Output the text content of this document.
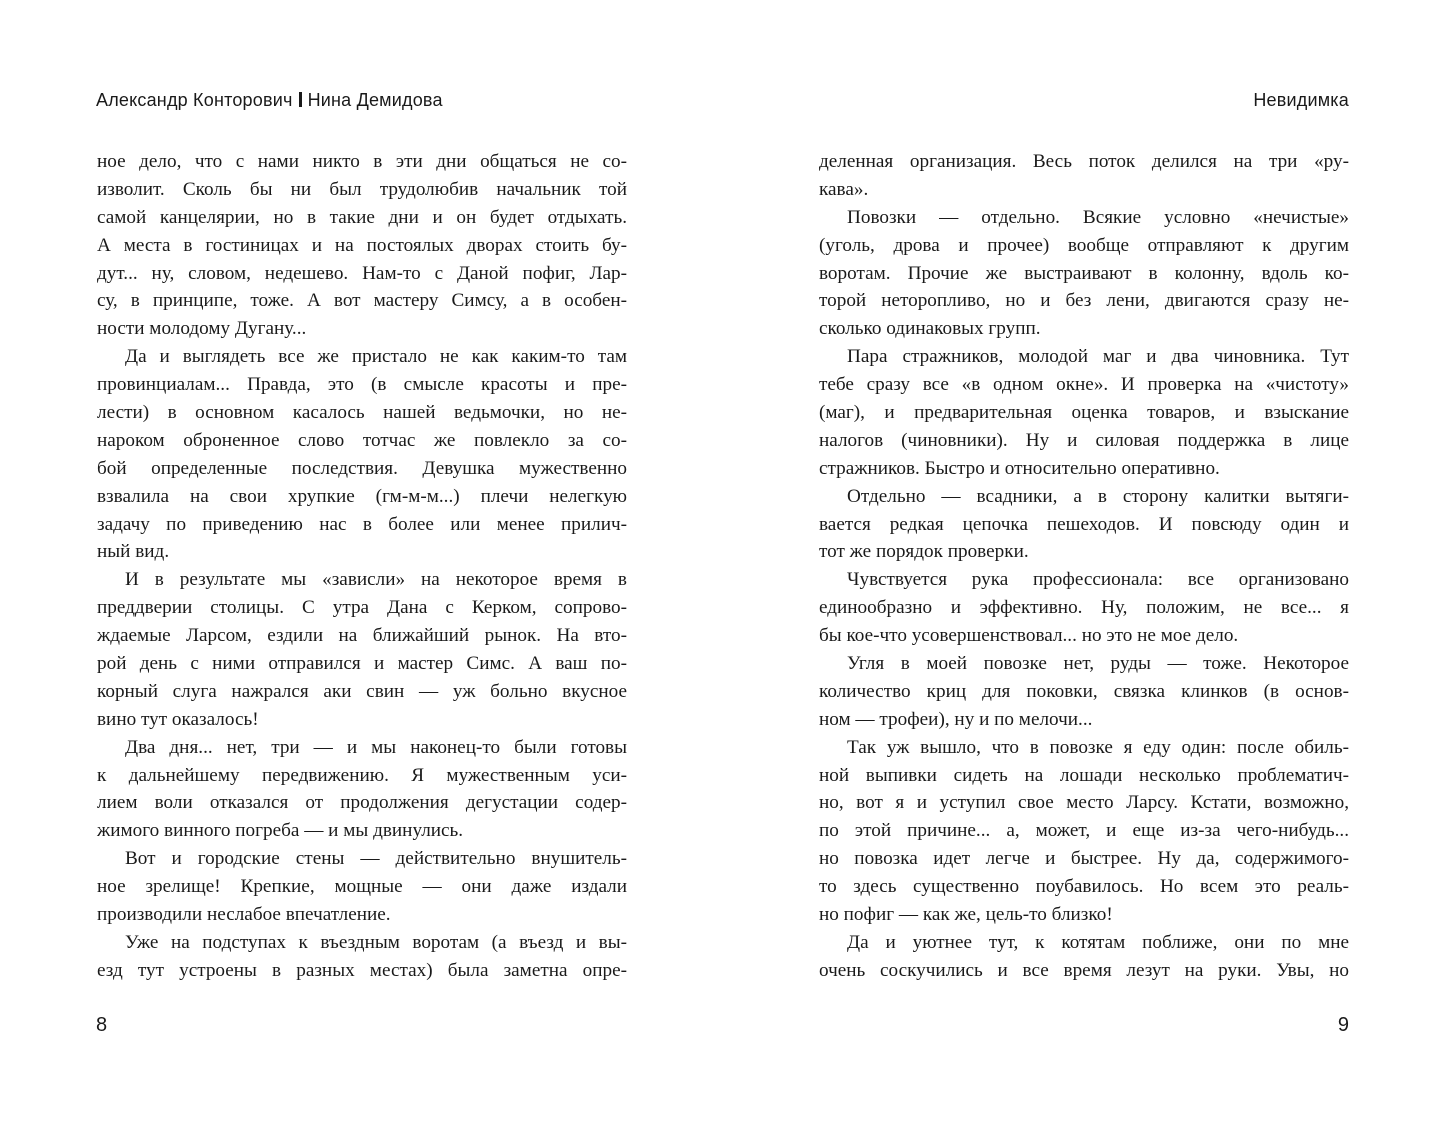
Александр Конторович Нина Демидова
ное дело, что с нами никто в эти дни общаться не со-
изволит. Сколь бы ни был трудолюбив начальник той
самой канцелярии, но в такие дни и он будет отдыхать.
А места в гостиницах и на постоялых дворах стоить бу-
дут... ну, словом, недешево. Нам-то с Даной пофиг, Лар-
су, в принципе, тоже. А вот мастеру Симсу, а в особен-
ности молодому Дугану...
Да и выглядеть все же пристало не как каким-то там
провинциалам... Правда, это (в смысле красоты и пре-
лести) в основном касалось нашей ведьмочки, но не-
нароком оброненное слово тотчас же повлекло за со-
бой определенные последствия. Девушка мужественно
взвалила на свои хрупкие (гм-м-м...) плечи нелегкую
задачу по приведению нас в более или менее прилич-
ный вид.
И в результате мы «зависли» на некоторое время в
преддверии столицы. С утра Дана с Керком, сопрово-
ждаемые Ларсом, ездили на ближайший рынок. На вто-
рой день с ними отправился и мастер Симс. А ваш по-
корный слуга нажрался аки свин — уж больно вкусное
вино тут оказалось!
Два дня... нет, три — и мы наконец-то были готовы
к дальнейшему передвижению. Я мужественным уси-
лием воли отказался от продолжения дегустации содер-
жимого винного погреба — и мы двинулись.
Вот и городские стены — действительно внушитель-
ное зрелище! Крепкие, мощные — они даже издали
производили неслабое впечатление.
Уже на подступах к въездным воротам (а въезд и вы-
езд тут устроены в разных местах) была заметна опре-
8
Невидимка
деленная организация. Весь поток делился на три «ру-
кава».
Повозки — отдельно. Всякие условно «нечистые»
(уголь, дрова и прочее) вообще отправляют к другим
воротам. Прочие же выстраивают в колонну, вдоль ко-
торой неторопливо, но и без лени, двигаются сразу не-
сколько одинаковых групп.
Пара стражников, молодой маг и два чиновника. Тут
тебе сразу все «в одном окне». И проверка на «чистоту»
(маг), и предварительная оценка товаров, и взыскание
налогов (чиновники). Ну и силовая поддержка в лице
стражников. Быстро и относительно оперативно.
Отдельно — всадники, а в сторону калитки вытяги-
вается редкая цепочка пешеходов. И повсюду один и
тот же порядок проверки.
Чувствуется рука профессионала: все организовано
единообразно и эффективно. Ну, положим, не все... я
бы кое-что усовершенствовал... но это не мое дело.
Угля в моей повозке нет, руды — тоже. Некоторое
количество криц для поковки, связка клинков (в основ-
ном — трофеи), ну и по мелочи...
Так уж вышло, что в повозке я еду один: после обиль-
ной выпивки сидеть на лошади несколько проблематич-
но, вот я и уступил свое место Ларсу. Кстати, возможно,
по этой причине... а, может, и еще из-за чего-нибудь...
но повозка идет легче и быстрее. Ну да, содержимого-
то здесь существенно поубавилось. Но всем это реаль-
но пофиг — как же, цель-то близко!
Да и уютнее тут, к котятам поближе, они по мне
очень соскучились и все время лезут на руки. Увы, но
9
